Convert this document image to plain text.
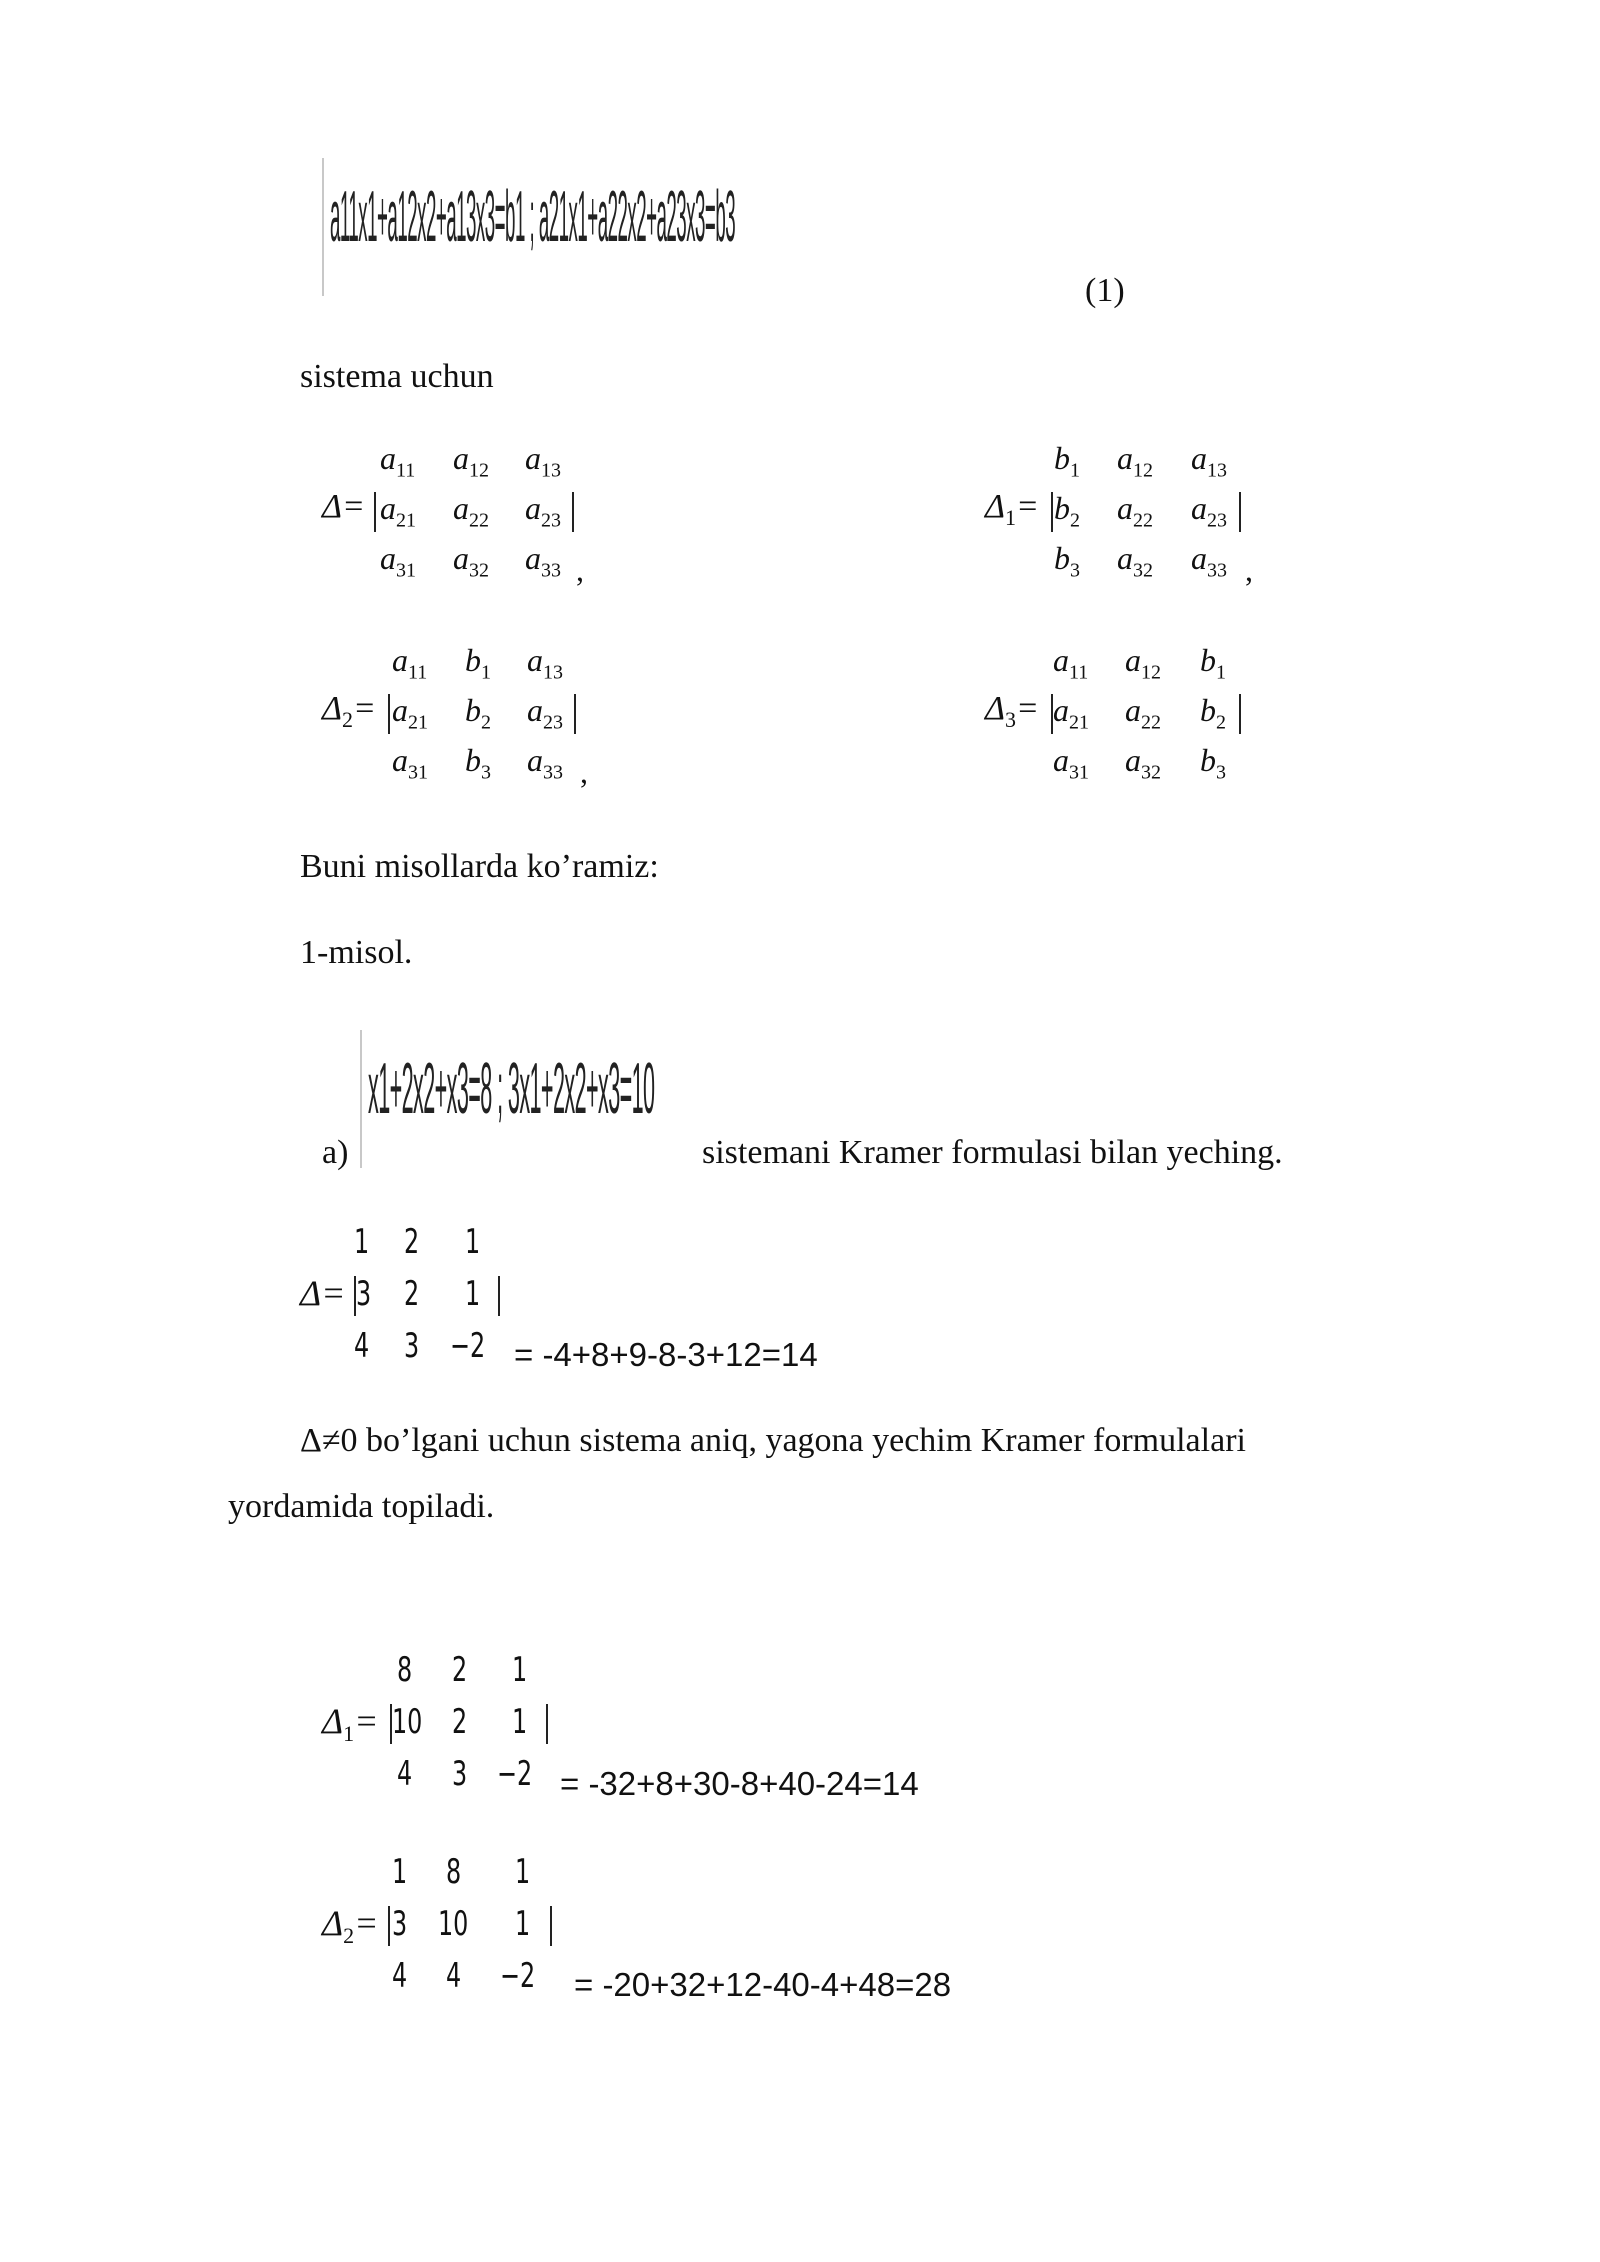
a11x1+a12x2+a13x3=b1 ; a21x1+a22x2+a23x3=b3
(1)
sistema uchun
$a_{11}$ $a_{12}$ $a_{13}$
$\Delta= a_{21}$ $a_{22}$ $a_{23}$
$a_{31}$ $a_{32}$ $a_{33}$ ,
$b_1$ $a_{12}$ $a_{13}$
$\Delta_1= b_2$ $a_{22}$ $a_{23}$
$b_3$ $a_{32}$ $a_{33}$ ,
$a_{11}$ $b_1$ $a_{13}$
$\Delta_2= a_{21}$ $b_2$ $a_{23}$
$a_{31}$ $b_3$ $a_{33}$ ,
$a_{11}$ $a_{12}$ $b_1$
$\Delta_3= a_{21}$ $a_{22}$ $b_2$
$a_{31}$ $a_{32}$ $b_3$
Buni misollarda ko’ramiz:
1-misol.
x1+2x2+x3=8 ; 3x1+2x2+x3=10
a)	sistemani Kramer formulasi bilan yeching.
1 2 1
Δ= 3 2 1
4 3 −2 = -4+8+9-8-3+12=14
Δ≠0 bo’lgani uchun sistema aniq, yagona yechim Kramer formulalari
yordamida topiladi.
8 2 1
$\Delta_1= 10$ 2 1
4 3 −2 = -32+8+30-8+40-24=14
1 8 1
$\Delta_2= 3$ 10 1
4 4 −2 = -20+32+12-40-4+48=28
